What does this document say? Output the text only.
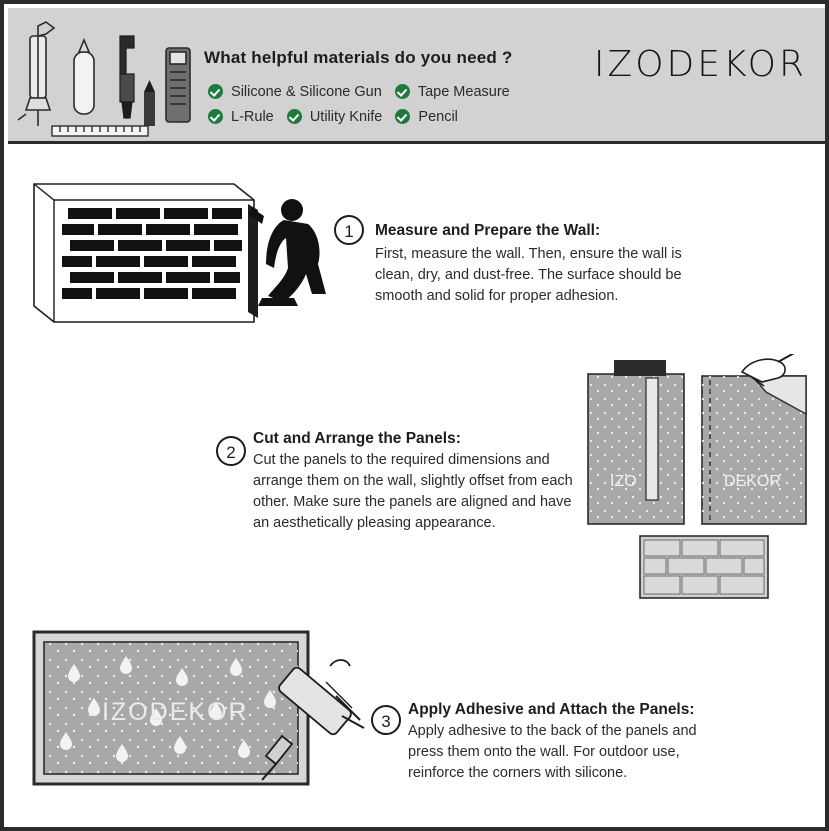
What helpful materials do you need ?
Silicone & Silicone Gun Tape Measure
L-Rule Utility Knife Pencil
IZODEKOR
1	Measure and Prepare the Wall:
First, measure the wall. Then, ensure the wall is clean, dry, and dust-free. The surface should be smooth and solid for proper adhesion.
2
Cut and Arrange the Panels:
Cut the panels to the required dimensions and arrange them on the wall, slightly offset from each other. Make sure the panels are aligned and have an aesthetically pleasing appearance.
IZO	DEKOR
IZODEKOR	3
Apply Adhesive and Attach the Panels:
Apply adhesive to the back of the panels and press them onto the wall. For outdoor use, reinforce the corners with silicone.
